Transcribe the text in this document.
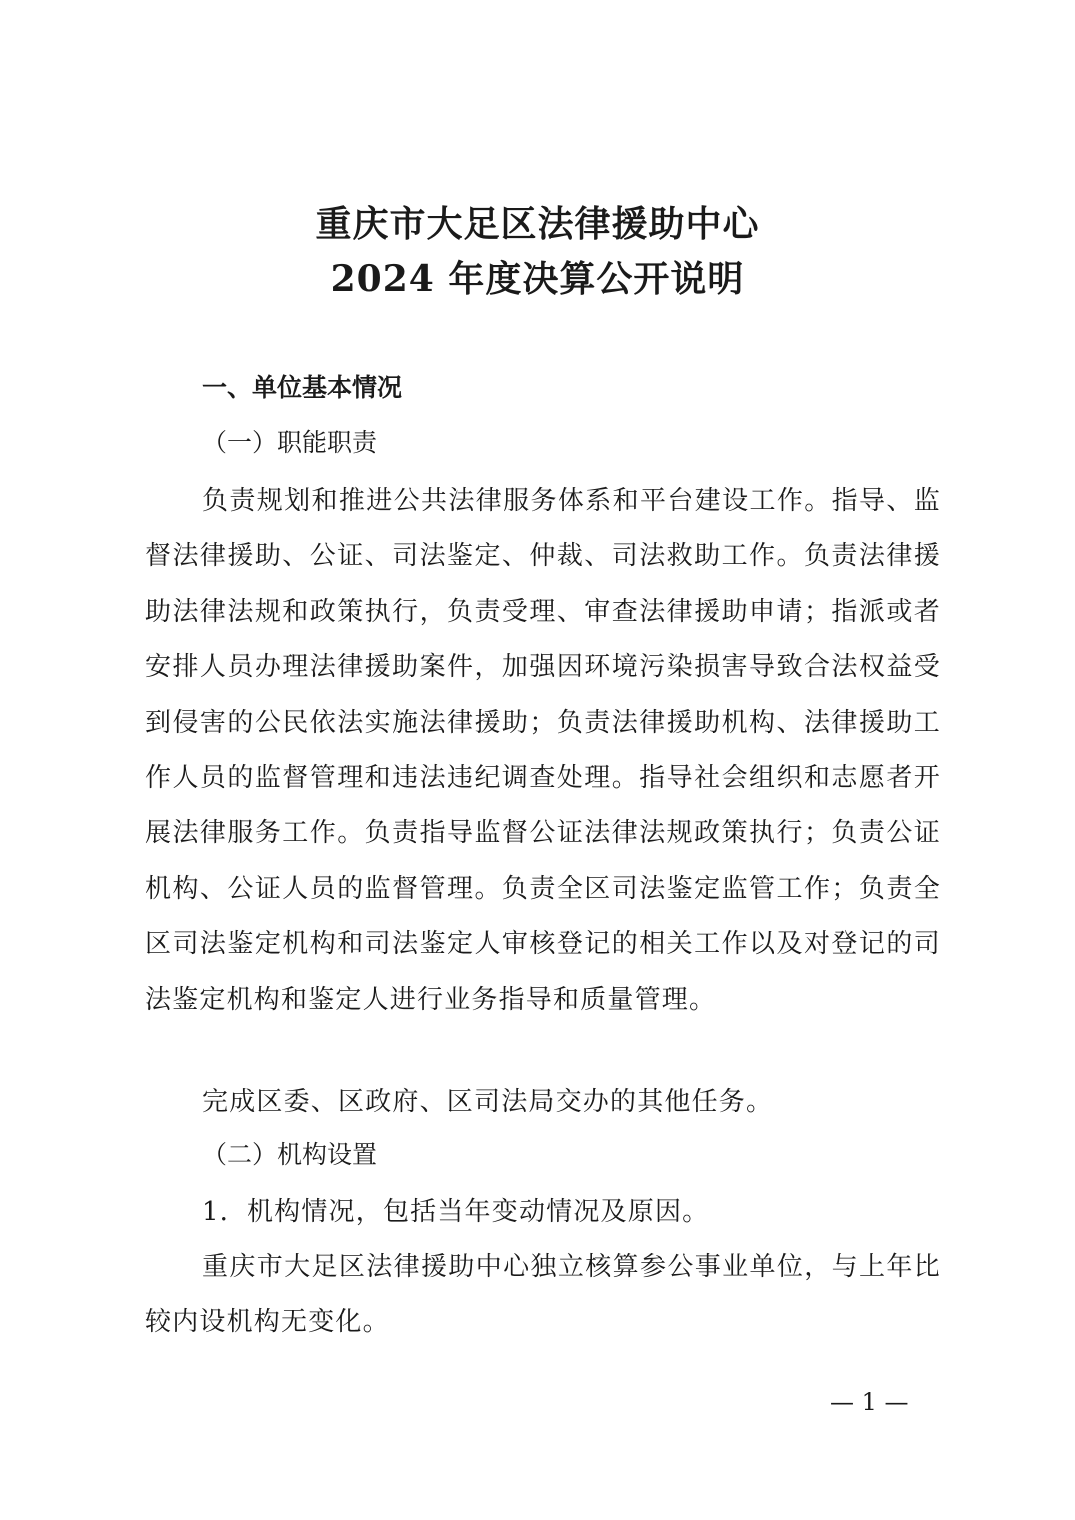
重庆市大足区法律援助中心
2024 年度决算公开说明
一、单位基本情况
（一）职能职责
负责规划和推进公共法律服务体系和平台建设工作。指导、监督法律援助、公证、司法鉴定、仲裁、司法救助工作。负责法律援助法律法规和政策执行，负责受理、审查法律援助申请；指派或者安排人员办理法律援助案件，加强因环境污染损害导致合法权益受到侵害的公民依法实施法律援助；负责法律援助机构、法律援助工作人员的监督管理和违法违纪调查处理。指导社会组织和志愿者开展法律服务工作。负责指导监督公证法律法规政策执行；负责公证机构、公证人员的监督管理。负责全区司法鉴定监管工作；负责全区司法鉴定机构和司法鉴定人审核登记的相关工作以及对登记的司法鉴定机构和鉴定人进行业务指导和质量管理。
完成区委、区政府、区司法局交办的其他任务。
（二）机构设置
1．机构情况，包括当年变动情况及原因。
重庆市大足区法律援助中心独立核算参公事业单位，与上年比较内设机构无变化。
— 1 —
